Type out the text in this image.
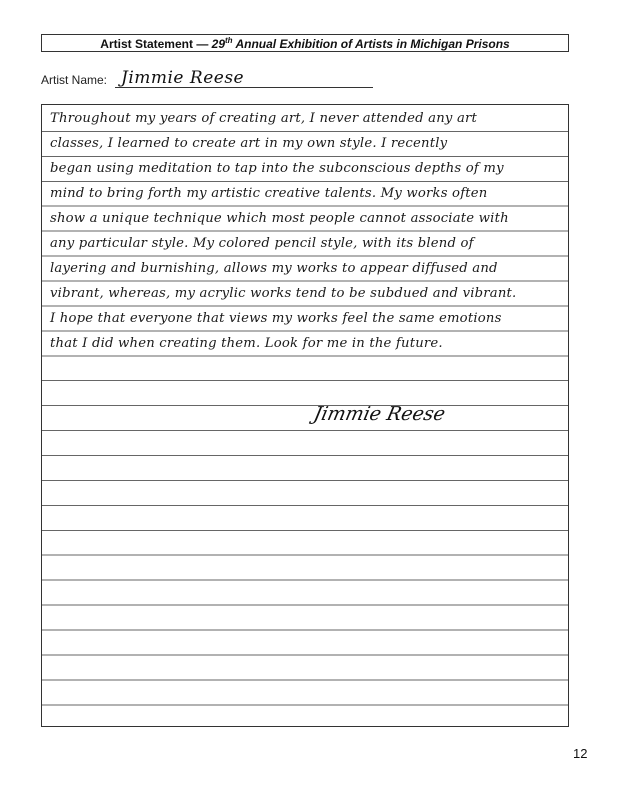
Artist Statement — 29th Annual Exhibition of Artists in Michigan Prisons
Artist Name: Jimmie Reese
Throughout my years of creating art, I never attended any art
classes, I learned to create art in my own style. I recently
began using meditation to tap into the subconscious depths of my
mind to bring forth my artistic creative talents. My works often
show a unique technique which most people cannot associate with
any particular style. My colored pencil style, with its blend of
layering and burnishing, allows my works to appear diffused and
vibrant, whereas, my acrylic works tend to be subdued and vibrant.
I hope that everyone that views my works feel the same emotions
that I did when creating them. Look for me in the future.
Jimmie Reese
12
